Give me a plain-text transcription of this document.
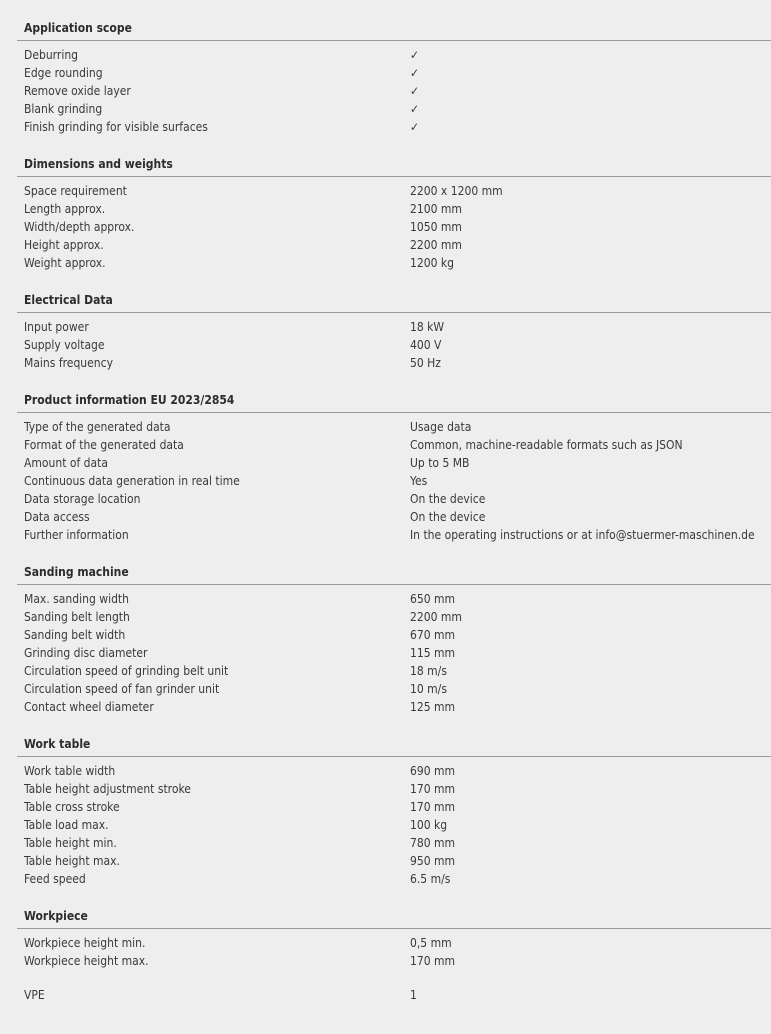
Application scope
Deburring	✓
Edge rounding	✓
Remove oxide layer	✓
Blank grinding	✓
Finish grinding for visible surfaces	✓
Dimensions and weights
Space requirement	2200 x 1200 mm
Length approx.	2100 mm
Width/depth approx.	1050 mm
Height approx.	2200 mm
Weight approx.	1200 kg
Electrical Data
Input power	18 kW
Supply voltage	400 V
Mains frequency	50 Hz
Product information EU 2023/2854
Type of the generated data	Usage data
Format of the generated data	Common, machine-readable formats such as JSON
Amount of data	Up to 5 MB
Continuous data generation in real time	Yes
Data storage location	On the device
Data access	On the device
Further information	In the operating instructions or at info@stuermer-maschinen.de
Sanding machine
Max. sanding width	650 mm
Sanding belt length	2200 mm
Sanding belt width	670 mm
Grinding disc diameter	115 mm
Circulation speed of grinding belt unit	18 m/s
Circulation speed of fan grinder unit	10 m/s
Contact wheel diameter	125 mm
Work table
Work table width	690 mm
Table height adjustment stroke	170 mm
Table cross stroke	170 mm
Table load max.	100 kg
Table height min.	780 mm
Table height max.	950 mm
Feed speed	6.5 m/s
Workpiece
Workpiece height min.	0,5 mm
Workpiece height max.	170 mm
VPE	1
